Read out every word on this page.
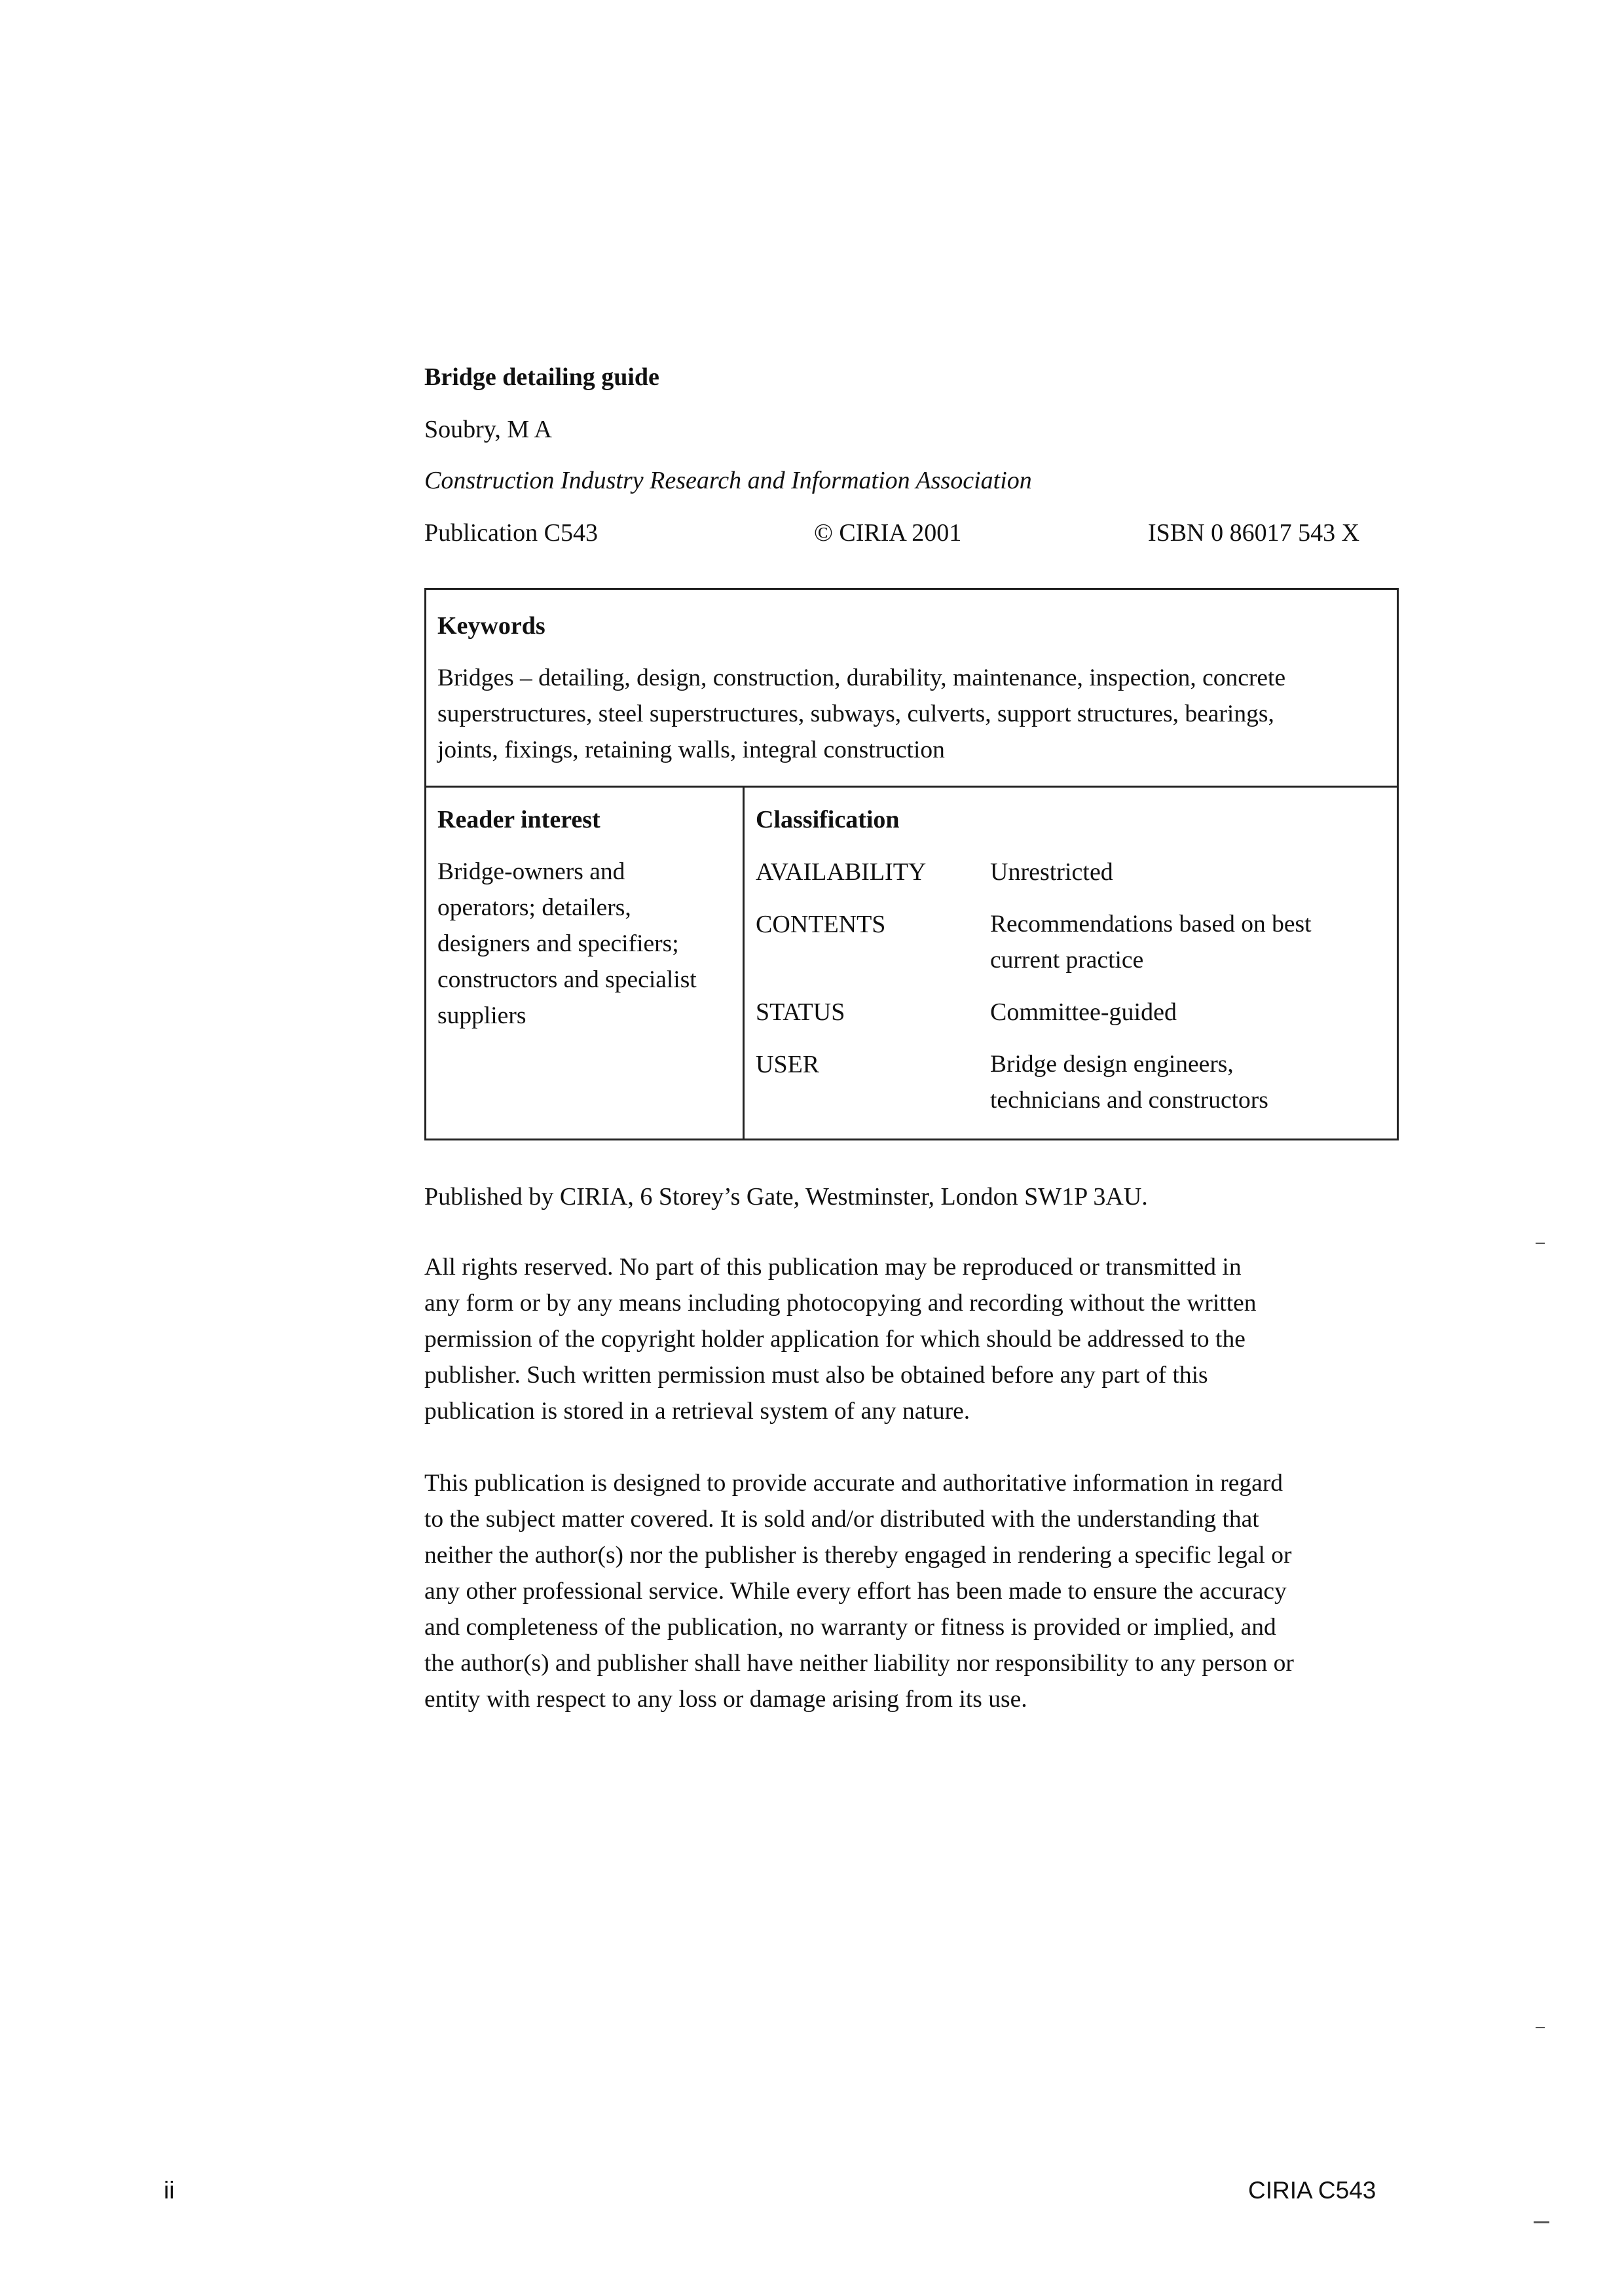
Bridge detailing guide
Soubry, M A
Construction Industry Research and Information Association
Publication C543	© CIRIA 2001	ISBN 0 86017 543 X
Keywords
Bridges – detailing, design, construction, durability, maintenance, inspection, concrete
superstructures, steel superstructures, subways, culverts, support structures, bearings,
joints, fixings, retaining walls, integral construction
Reader interest
Bridge-owners and
operators; detailers,
designers and specifiers;
constructors and specialist
suppliers
Classification
AVAILABILITY	Unrestricted
CONTENTS	Recommendations based on best
current practice
STATUS	Committee-guided
USER	Bridge design engineers,
technicians and constructors
Published by CIRIA, 6 Storey’s Gate, Westminster, London SW1P 3AU.
All rights reserved. No part of this publication may be reproduced or transmitted in
any form or by any means including photocopying and recording without the written
permission of the copyright holder application for which should be addressed to the
publisher. Such written permission must also be obtained before any part of this
publication is stored in a retrieval system of any nature.
This publication is designed to provide accurate and authoritative information in regard
to the subject matter covered. It is sold and/or distributed with the understanding that
neither the author(s) nor the publisher is thereby engaged in rendering a specific legal or
any other professional service. While every effort has been made to ensure the accuracy
and completeness of the publication, no warranty or fitness is provided or implied, and
the author(s) and publisher shall have neither liability nor responsibility to any person or
entity with respect to any loss or damage arising from its use.
ii	CIRIA C543
